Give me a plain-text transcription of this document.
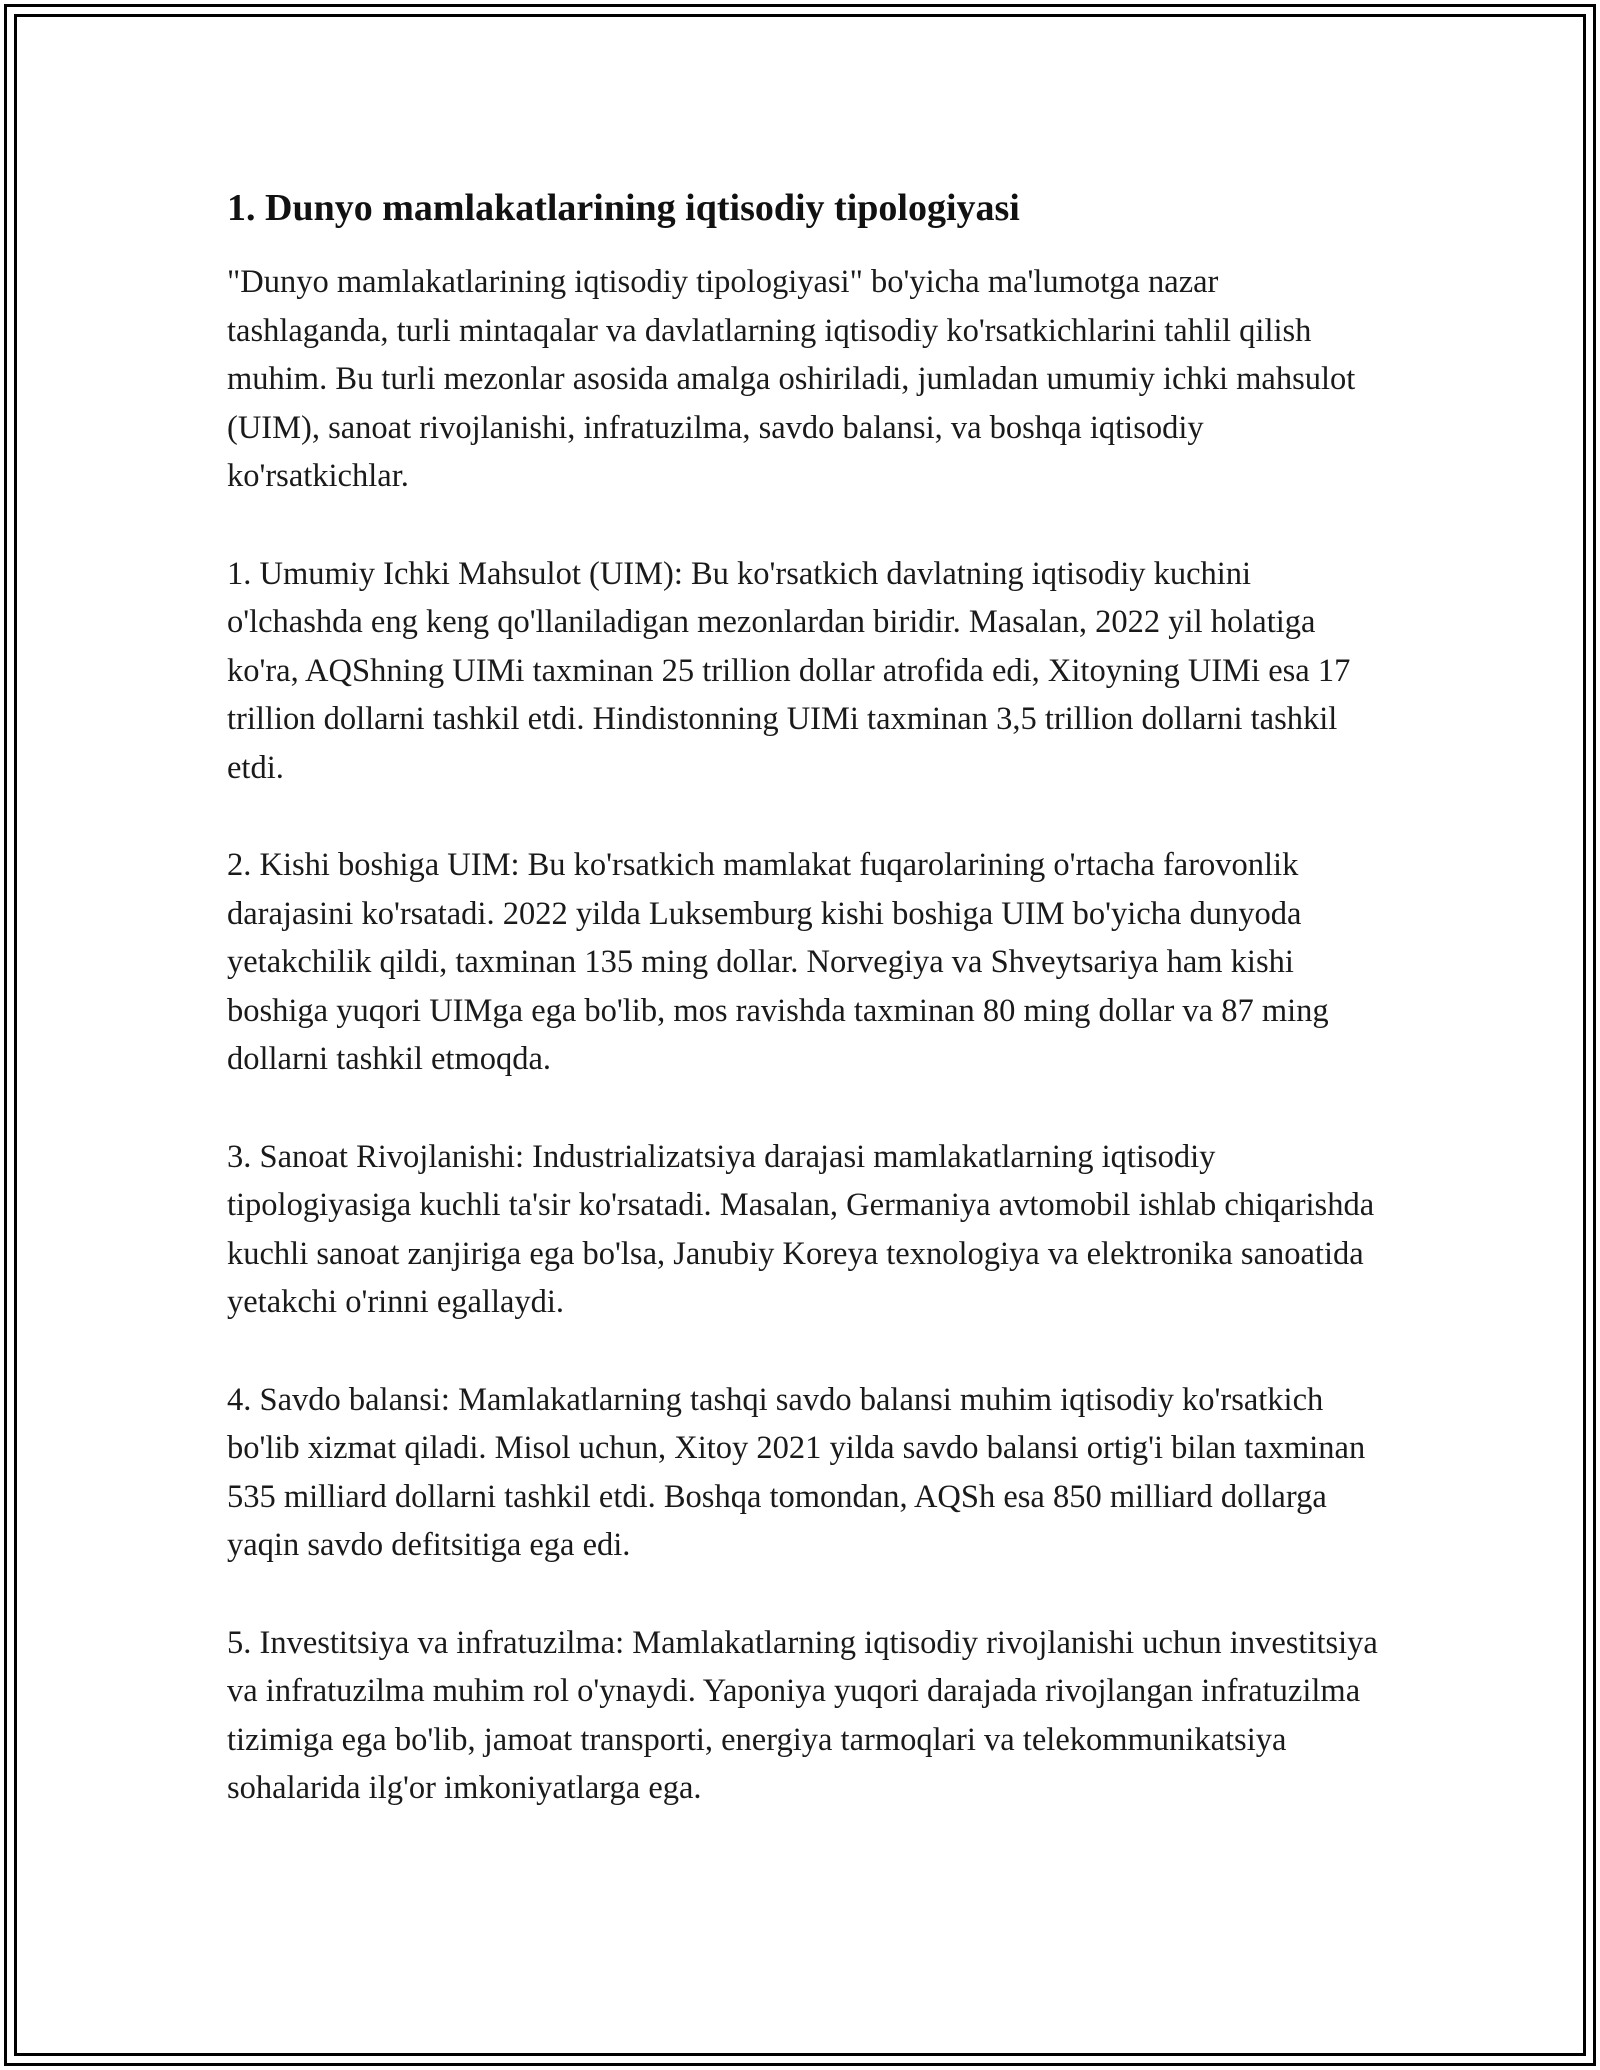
1. Dunyo mamlakatlarining iqtisodiy tipologiyasi

"Dunyo mamlakatlarining iqtisodiy tipologiyasi" bo'yicha ma'lumotga nazar tashlaganda, turli mintaqalar va davlatlarning iqtisodiy ko'rsatkichlarini tahlil qilish muhim. Bu turli mezonlar asosida amalga oshiriladi, jumladan umumiy ichki mahsulot (UIM), sanoat rivojlanishi, infratuzilma, savdo balansi, va boshqa iqtisodiy ko'rsatkichlar.

1. Umumiy Ichki Mahsulot (UIM): Bu ko'rsatkich davlatning iqtisodiy kuchini o'lchashda eng keng qo'llaniladigan mezonlardan biridir. Masalan, 2022 yil holatiga ko'ra, AQShning UIMi taxminan 25 trillion dollar atrofida edi, Xitoyning UIMi esa 17 trillion dollarni tashkil etdi. Hindistonning UIMi taxminan 3,5 trillion dollarni tashkil etdi.

2. Kishi boshiga UIM: Bu ko'rsatkich mamlakat fuqarolarining o'rtacha farovonlik darajasini ko'rsatadi. 2022 yilda Luksemburg kishi boshiga UIM bo'yicha dunyoda yetakchilik qildi, taxminan 135 ming dollar. Norvegiya va Shveytsariya ham kishi boshiga yuqori UIMga ega bo'lib, mos ravishda taxminan 80 ming dollar va 87 ming dollarni tashkil etmoqda.

3. Sanoat Rivojlanishi: Industrializatsiya darajasi mamlakatlarning iqtisodiy tipologiyasiga kuchli ta'sir ko'rsatadi. Masalan, Germaniya avtomobil ishlab chiqarishda kuchli sanoat zanjiriga ega bo'lsa, Janubiy Koreya texnologiya va elektronika sanoatida yetakchi o'rinni egallaydi.

4. Savdo balansi: Mamlakatlarning tashqi savdo balansi muhim iqtisodiy ko'rsatkich bo'lib xizmat qiladi. Misol uchun, Xitoy 2021 yilda savdo balansi ortig'i bilan taxminan 535 milliard dollarni tashkil etdi. Boshqa tomondan, AQSh esa 850 milliard dollarga yaqin savdo defitsitiga ega edi.

5. Investitsiya va infratuzilma: Mamlakatlarning iqtisodiy rivojlanishi uchun investitsiya va infratuzilma muhim rol o'ynaydi. Yaponiya yuqori darajada rivojlangan infratuzilma tizimiga ega bo'lib, jamoat transporti, energiya tarmoqlari va telekommunikatsiya sohalarida ilg'or imkoniyatlarga ega.
